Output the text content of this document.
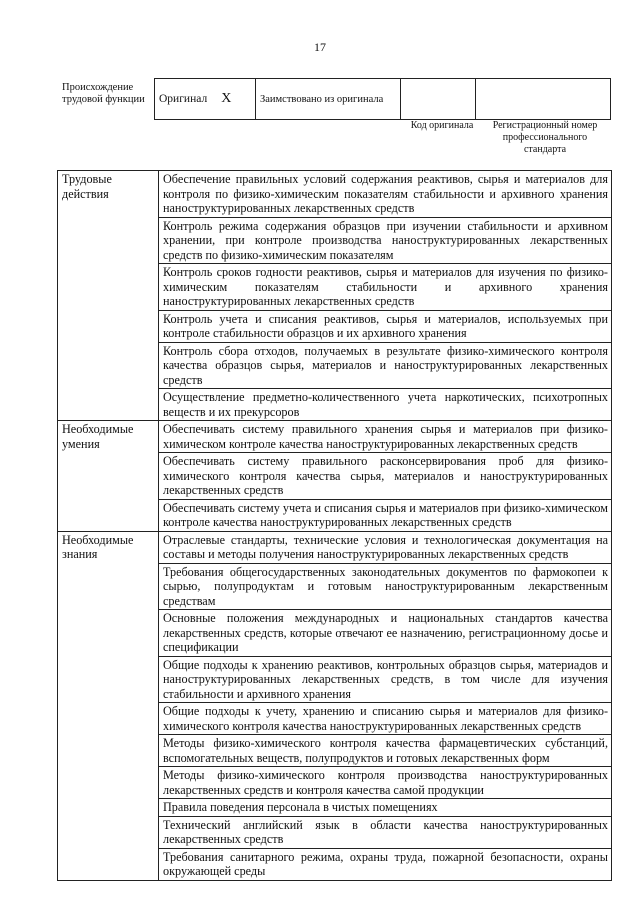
17
Происхождение трудовой функции	Оригинал X	Заимствовано из оригинала		
Код оригинала	Регистрационный номер профессионального стандарта
Трудовые действия	Обеспечение правильных условий содержания реактивов, сырья и материалов для контроля по физико-химическим показателям стабильности и архивного хранения наноструктурированных лекарственных средств
	Контроль режима содержания образцов при изучении стабильности и архивном хранении, при контроле производства наноструктурированных лекарственных средств по физико-химическим показателям
	Контроль сроков годности реактивов, сырья и материалов для изучения по физико-химическим показателям стабильности и архивного хранения наноструктурированных лекарственных средств
	Контроль учета и списания реактивов, сырья и материалов, используемых при контроле стабильности образцов и их архивного хранения
	Контроль сбора отходов, получаемых в результате физико-химического контроля качества образцов сырья, материалов и наноструктурированных лекарственных средств
	Осуществление предметно-количественного учета наркотических, психотропных веществ и их прекурсоров
Необходимые умения	Обеспечивать систему правильного хранения сырья и материалов при физико-химическом контроле качества наноструктурированных лекарственных средств
	Обеспечивать систему правильного расконсервирования проб для физико-химического контроля качества сырья, материалов и наноструктурированных лекарственных средств
	Обеспечивать систему учета и списания сырья и материалов при физико-химическом контроле качества наноструктурированных лекарственных средств
Необходимые знания	Отраслевые стандарты, технические условия и технологическая документация на составы и методы получения наноструктурированных лекарственных средств
	Требования общегосударственных законодательных документов по фармокопеи к сырью, полупродуктам и готовым наноструктурированным лекарственным средствам
	Основные положения международных и национальных стандартов качества лекарственных средств, которые отвечают ее назначению, регистрационному досье и спецификации
	Общие подходы к хранению реактивов, контрольных образцов сырья, материадов и наноструктурированных лекарственных средств, в том числе для изучения стабильности и архивного хранения
	Общие подходы к учету, хранению и списанию сырья и материалов для физико-химического контроля качества наноструктурированных лекарственных средств
	Методы физико-химического контроля качества фармацевтических субстанций, вспомогательных веществ, полупродуктов и готовых лекарственных форм
	Методы физико-химического контроля производства наноструктурированных лекарственных средств и контроля качества самой продукции
	Правила поведения персонала в чистых помещениях
	Технический английский язык в области качества наноструктурированных лекарственных средств
	Требования санитарного режима, охраны труда, пожарной безопасности, охраны окружающей среды
